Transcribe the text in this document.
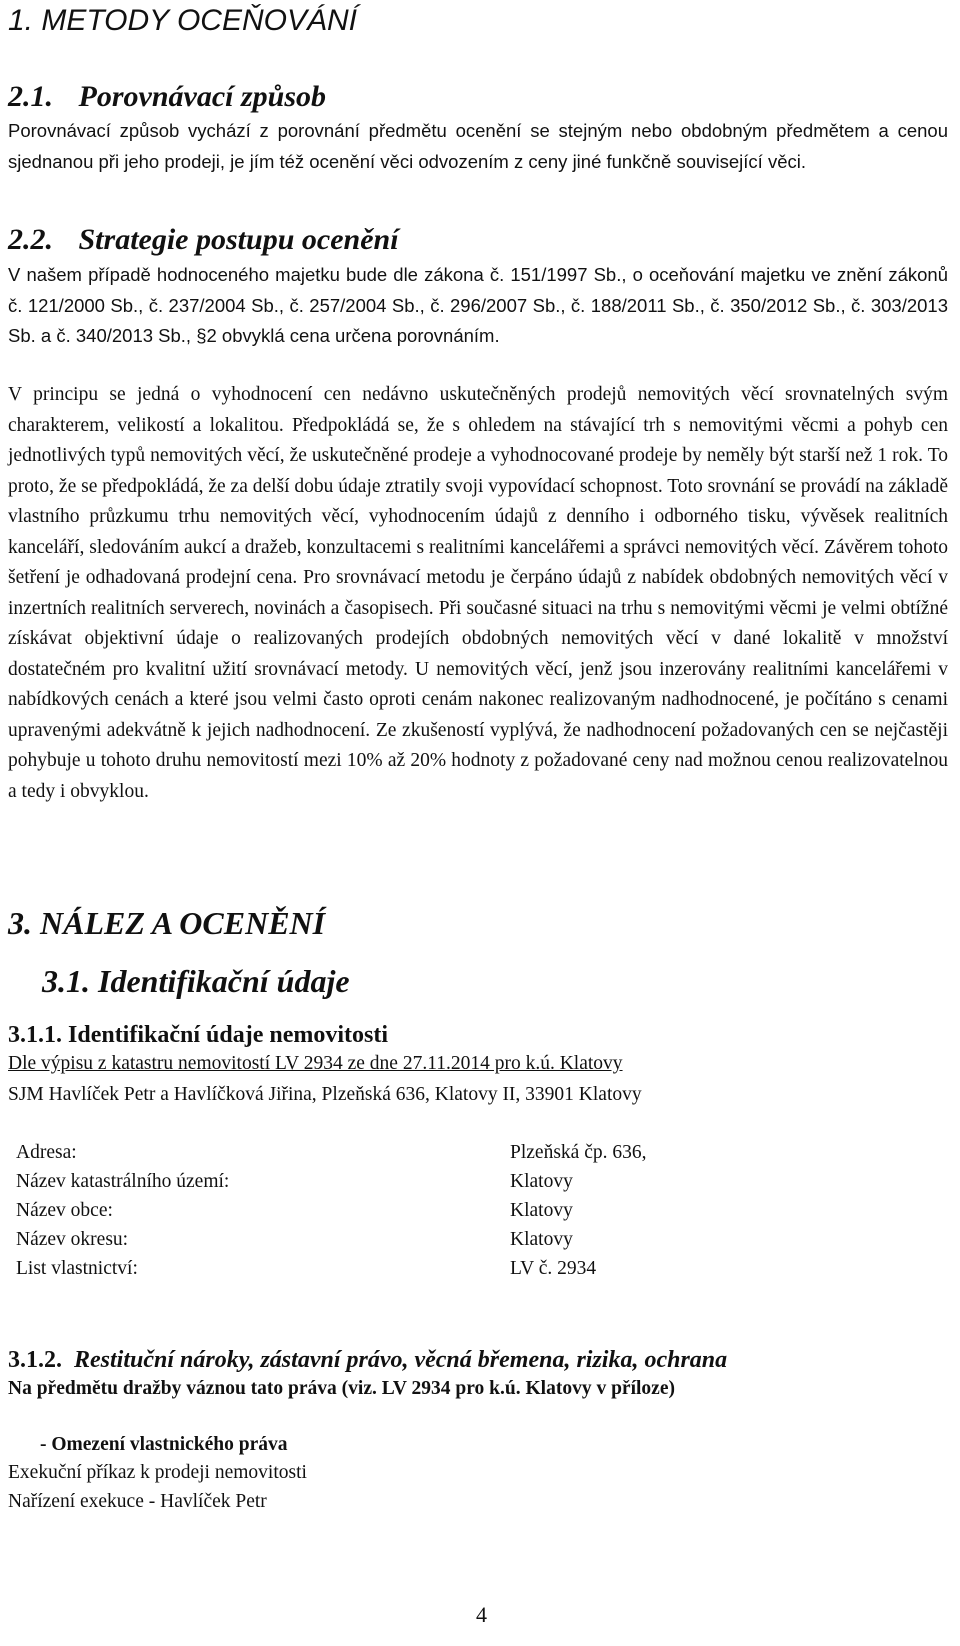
1. METODY OCEŇOVÁNÍ
2.1. Porovnávací způsob
Porovnávací způsob vychází z porovnání předmětu ocenění se stejným nebo obdobným předmětem a cenou sjednanou při jeho prodeji, je jím též ocenění věci odvozením z ceny jiné funkčně související věci.
2.2. Strategie postupu ocenění
V našem případě hodnoceného majetku bude dle zákona č. 151/1997 Sb., o oceňování majetku ve znění zákonů č. 121/2000 Sb., č. 237/2004 Sb., č. 257/2004 Sb., č. 296/2007 Sb., č. 188/2011 Sb., č. 350/2012 Sb., č. 303/2013 Sb. a č. 340/2013 Sb., §2 obvyklá cena určena porovnáním.
V principu se jedná o vyhodnocení cen nedávno uskutečněných prodejů nemovitých věcí srovnatelných svým charakterem, velikostí a lokalitou. Předpokládá se, že s ohledem na stávající trh s nemovitými věcmi a pohyb cen jednotlivých typů nemovitých věcí, že uskutečněné prodeje a vyhodnocované prodeje by neměly být starší než 1 rok. To proto, že se předpokládá, že za delší dobu údaje ztratily svoji vypovídací schopnost. Toto srovnání se provádí na základě vlastního průzkumu trhu nemovitých věcí, vyhodnocením údajů z denního i odborného tisku, vývěsek realitních kanceláří, sledováním aukcí a dražeb, konzultacemi s realitními kancelářemi a správci nemovitých věcí. Závěrem tohoto šetření je odhadovaná prodejní cena. Pro srovnávací metodu je čerpáno údajů z nabídek obdobných nemovitých věcí v inzertních realitních serverech, novinách a časopisech. Při současné situaci na trhu s nemovitými věcmi je velmi obtížné získávat objektivní údaje o realizovaných prodejích obdobných nemovitých věcí v dané lokalitě v množství dostatečném pro kvalitní užití srovnávací metody. U nemovitých věcí, jenž jsou inzerovány realitními kancelářemi v nabídkových cenách a které jsou velmi často oproti cenám nakonec realizovaným nadhodnocené, je počítáno s cenami upravenými adekvátně k jejich nadhodnocení. Ze zkušeností vyplývá, že nadhodnocení požadovaných cen se nejčastěji pohybuje u tohoto druhu nemovitostí mezi 10% až 20% hodnoty z požadované ceny nad možnou cenou realizovatelnou a tedy i obvyklou.
3. NÁLEZ A OCENĚNÍ
3.1. Identifikační údaje
3.1.1. Identifikační údaje nemovitosti
Dle výpisu z katastru nemovitostí LV 2934 ze dne 27.11.2014 pro k.ú. Klatovy
SJM Havlíček Petr a Havlíčková Jiřina, Plzeňská 636, Klatovy II, 33901 Klatovy
Adresa:	Plzeňská čp. 636,
Název katastrálního území:	Klatovy
Název obce:	Klatovy
Název okresu:	Klatovy
List vlastnictví:	LV č. 2934
3.1.2. Restituční nároky, zástavní právo, věcná břemena, rizika, ochrana
Na předmětu dražby váznou tato práva (viz. LV 2934 pro k.ú. Klatovy v příloze)
- Omezení vlastnického práva
Exekuční příkaz k prodeji nemovitosti
Nařízení exekuce - Havlíček Petr
4
